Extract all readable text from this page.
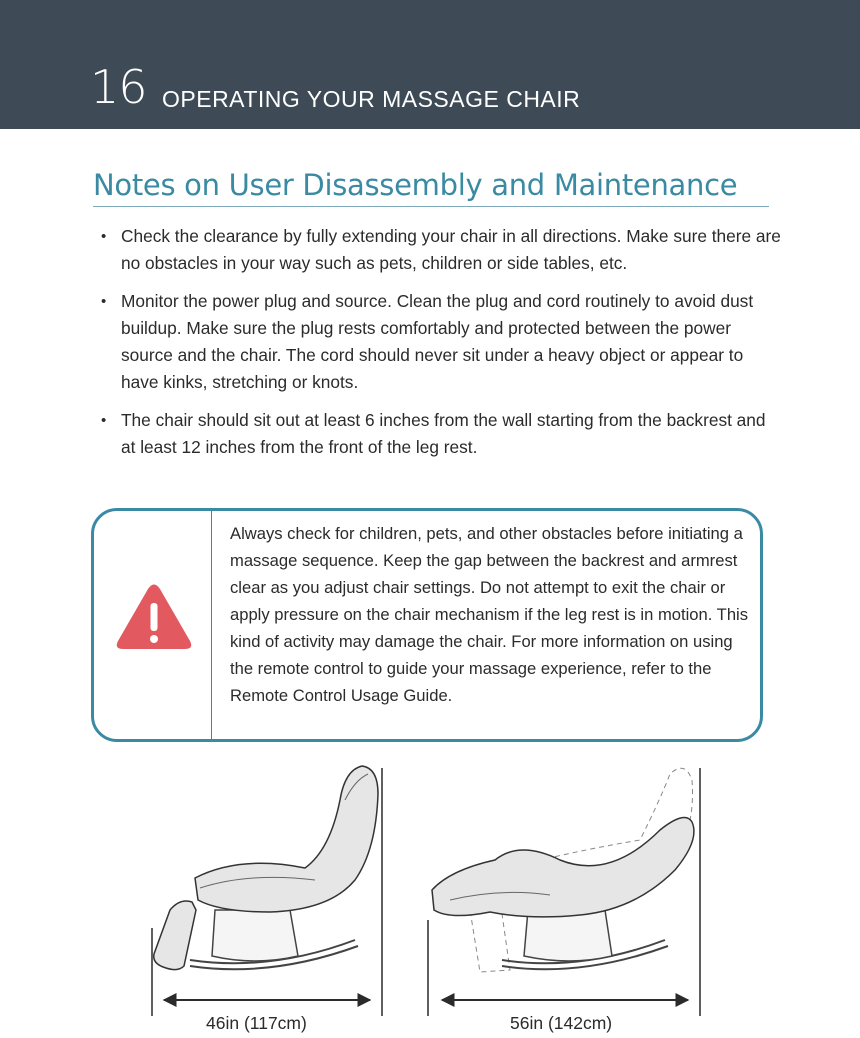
16 OPERATING YOUR MASSAGE CHAIR
Notes on User Disassembly and Maintenance
• Check the clearance by fully extending your chair in all directions. Make sure there are no obstacles in your way such as pets, children or side tables, etc.
• Monitor the power plug and source. Clean the plug and cord routinely to avoid dust buildup. Make sure the plug rests comfortably and protected between the power source and the chair. The cord should never sit under a heavy object or appear to have kinks, stretching or knots.
• The chair should sit out at least 6 inches from the wall starting from the backrest and at least 12 inches from the front of the leg rest.
Always check for children, pets, and other obstacles before initiating a massage sequence. Keep the gap between the backrest and armrest clear as you adjust chair settings. Do not attempt to exit the chair or apply pressure on the chair mechanism if the leg rest is in motion. This kind of activity may damage the chair. For more information on using the remote control to guide your massage experience, refer to the Remote Control Usage Guide.
46in (117cm)	56in (142cm)
